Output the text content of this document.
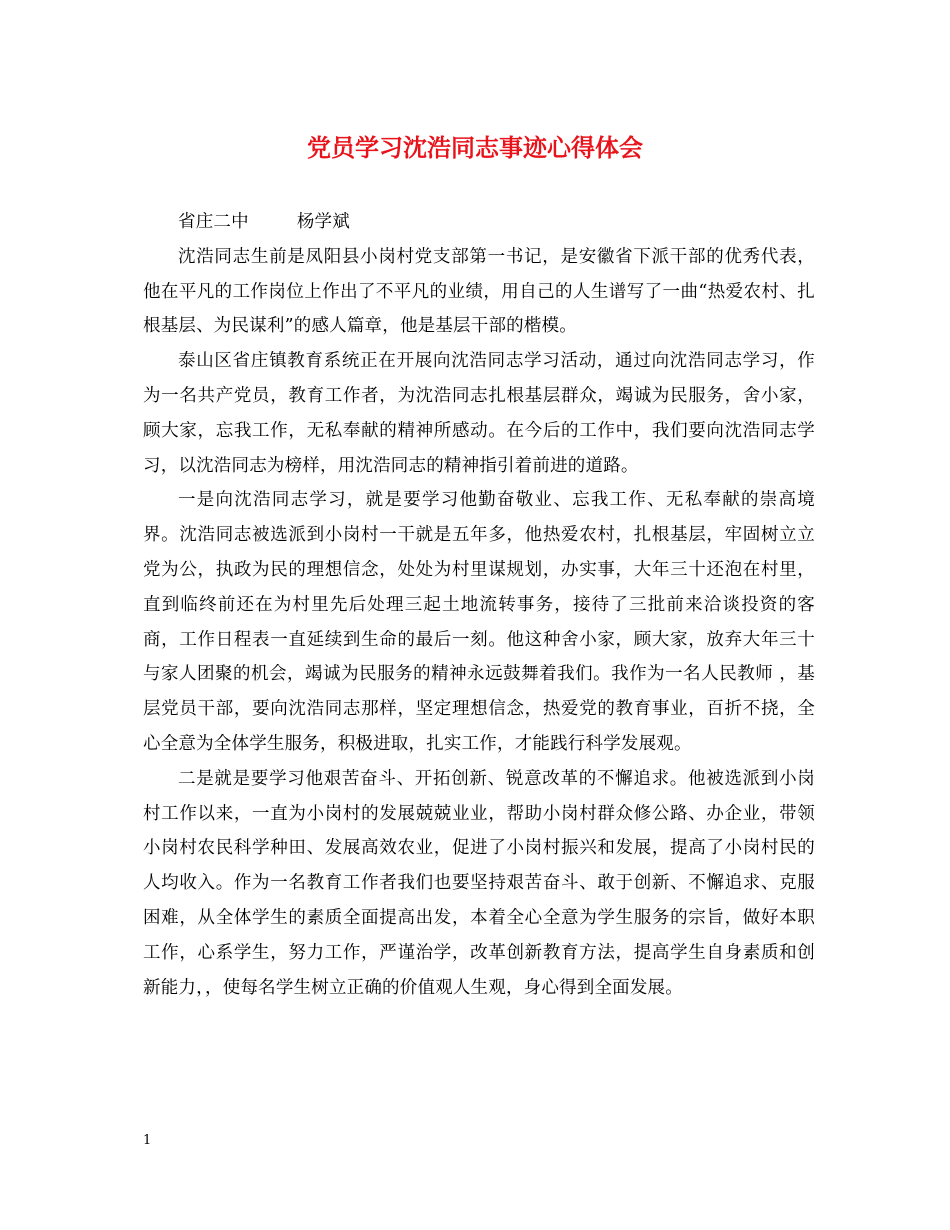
党员学习沈浩同志事迹心得体会

省庄二中	杨学斌

沈浩同志生前是凤阳县小岗村党支部第一书记，是安徽省下派干部的优秀代表，他在平凡的工作岗位上作出了不平凡的业绩，用自己的人生谱写了一曲“热爱农村、扎根基层、为民谋利”的感人篇章，他是基层干部的楷模。

泰山区省庄镇教育系统正在开展向沈浩同志学习活动，通过向沈浩同志学习，作为一名共产党员，教育工作者，为沈浩同志扎根基层群众，竭诚为民服务，舍小家，顾大家，忘我工作，无私奉献的精神所感动。在今后的工作中，我们要向沈浩同志学习，以沈浩同志为榜样，用沈浩同志的精神指引着前进的道路。

一是向沈浩同志学习，就是要学习他勤奋敬业、忘我工作、无私奉献的崇高境界。沈浩同志被选派到小岗村一干就是五年多，他热爱农村，扎根基层，牢固树立立党为公，执政为民的理想信念，处处为村里谋规划，办实事，大年三十还泡在村里，直到临终前还在为村里先后处理三起土地流转事务，接待了三批前来洽谈投资的客商，工作日程表一直延续到生命的最后一刻。他这种舍小家，顾大家，放弃大年三十与家人团聚的机会，竭诚为民服务的精神永远鼓舞着我们。我作为一名人民教师 ，基层党员干部，要向沈浩同志那样，坚定理想信念，热爱党的教育事业，百折不挠，全心全意为全体学生服务，积极进取，扎实工作，才能践行科学发展观。

二是就是要学习他艰苦奋斗、开拓创新、锐意改革的不懈追求。他被选派到小岗村工作以来，一直为小岗村的发展兢兢业业，帮助小岗村群众修公路、办企业，带领小岗村农民科学种田、发展高效农业，促进了小岗村振兴和发展，提高了小岗村民的人均收入。作为一名教育工作者我们也要坚持艰苦奋斗、敢于创新、不懈追求、克服困难，从全体学生的素质全面提高出发，本着全心全意为学生服务的宗旨，做好本职工作，心系学生，努力工作，严谨治学，改革创新教育方法，提高学生自身素质和创新能力，，使每名学生树立正确的价值观人生观，身心得到全面发展。

1
